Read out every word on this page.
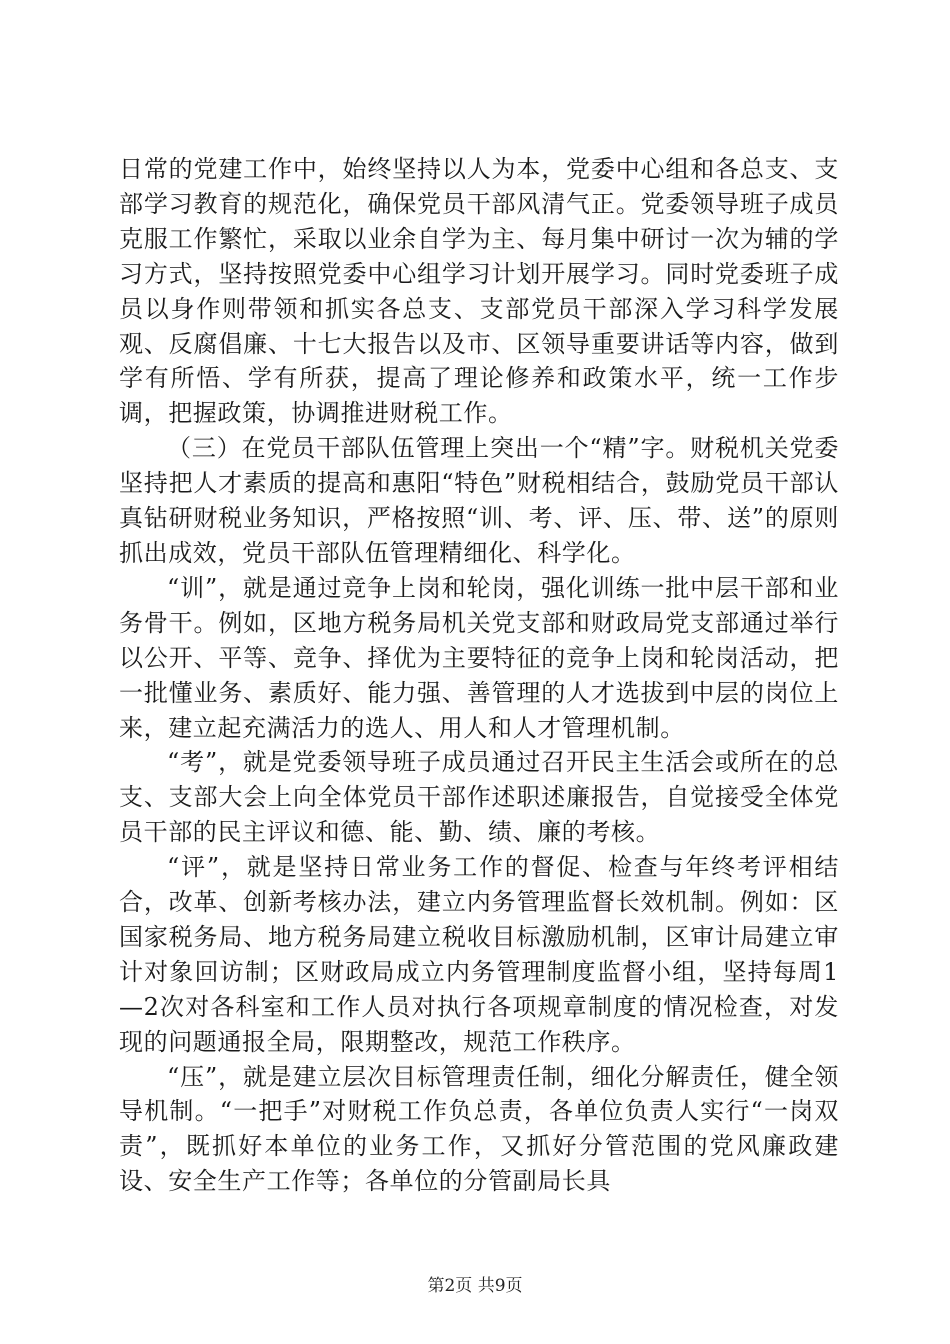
日常的党建工作中，始终坚持以人为本，党委中心组和各总支、支部学习教育的规范化，确保党员干部风清气正。党委领导班子成员克服工作繁忙，采取以业余自学为主、每月集中研讨一次为辅的学习方式，坚持按照党委中心组学习计划开展学习。同时党委班子成员以身作则带领和抓实各总支、支部党员干部深入学习科学发展观、反腐倡廉、十七大报告以及市、区领导重要讲话等内容，做到学有所悟、学有所获，提高了理论修养和政策水平，统一工作步调，把握政策，协调推进财税工作。

（三）在党员干部队伍管理上突出一个“精”字。财税机关党委坚持把人才素质的提高和惠阳“特色”财税相结合，鼓励党员干部认真钻研财税业务知识，严格按照“训、考、评、压、带、送”的原则抓出成效，党员干部队伍管理精细化、科学化。

“训”，就是通过竞争上岗和轮岗，强化训练一批中层干部和业务骨干。例如，区地方税务局机关党支部和财政局党支部通过举行以公开、平等、竞争、择优为主要特征的竞争上岗和轮岗活动，把一批懂业务、素质好、能力强、善管理的人才选拔到中层的岗位上来，建立起充满活力的选人、用人和人才管理机制。

“考”，就是党委领导班子成员通过召开民主生活会或所在的总支、支部大会上向全体党员干部作述职述廉报告，自觉接受全体党员干部的民主评议和德、能、勤、绩、廉的考核。

“评”，就是坚持日常业务工作的督促、检查与年终考评相结合，改革、创新考核办法，建立内务管理监督长效机制。例如：区国家税务局、地方税务局建立税收目标激励机制，区审计局建立审计对象回访制；区财政局成立内务管理制度监督小组，坚持每周1—2次对各科室和工作人员对执行各项规章制度的情况检查，对发现的问题通报全局，限期整改，规范工作秩序。

“压”，就是建立层次目标管理责任制，细化分解责任，健全领导机制。“一把手”对财税工作负总责，各单位负责人实行“一岗双责”，既抓好本单位的业务工作，又抓好分管范围的党风廉政建设、安全生产工作等；各单位的分管副局长具

第2页 共9页
